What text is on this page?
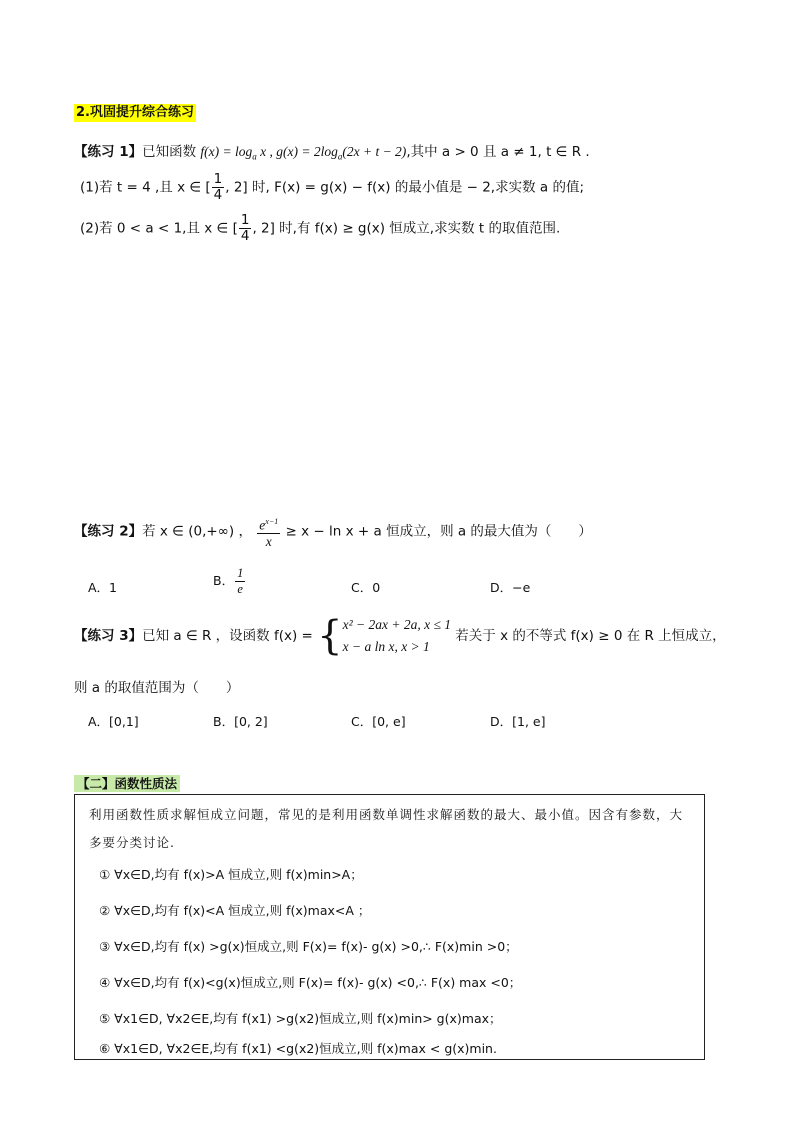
2.巩固提升综合练习
【练习 1】已知函数 $f(x) = \log_a x$ , $g(x) = 2\log_a(2x + t - 2)$,其中 a > 0 且 a ≠ 1, t ∈ R .
(1)若 t = 4 ,且 x ∈ [ $\frac{1}{4}$ , 2] 时, F(x) = g(x) − f(x) 的最小值是 − 2,求实数 a 的值;
(2)若 0 < a < 1,且 x ∈ [ $\frac{1}{4}$ , 2] 时,有 f(x) ≥ g(x) 恒成立,求实数 t 的取值范围.
【练习 2】若 x ∈ (0,+∞) ， $\frac{e^{x-1}}{x} \ge x - \ln x + a$ 恒成立，则 a 的最大值为（　　）
A．1	B． $\frac{1}{e}$	C．0	D．−e
【练习 3】已知 a ∈ R ，设函数 f(x) = { x² − 2ax + 2a, x ≤ 1
x − a ln x, x > 1
若关于 x 的不等式 f(x) ≥ 0 在 R 上恒成立，
则 a 的取值范围为（　　）
A．[0,1]	B．[0, 2]	C．[0, e]	D．[1, e]
【二】函数性质法
利用函数性质求解恒成立问题，常见的是利用函数单调性求解函数的最大、最小值。因含有参数，大多要分类讨论.
① ∀x∈D,均有 f(x)>A 恒成立,则 f(x)min>A；
② ∀x∈D,均有 f(x)<A 恒成立,则 f(x)max<A ；
③ ∀x∈D,均有 f(x) >g(x)恒成立,则 F(x)= f(x)- g(x) >0,∴ F(x)min >0；
④ ∀x∈D,均有 f(x)<g(x)恒成立,则 F(x)= f(x)- g(x) <0,∴ F(x) max <0；
⑤ ∀x1∈D, ∀x2∈E,均有 f(x1) >g(x2)恒成立,则 f(x)min> g(x)max；
⑥ ∀x1∈D, ∀x2∈E,均有 f(x1) <g(x2)恒成立,则 f(x)max < g(x)min.
